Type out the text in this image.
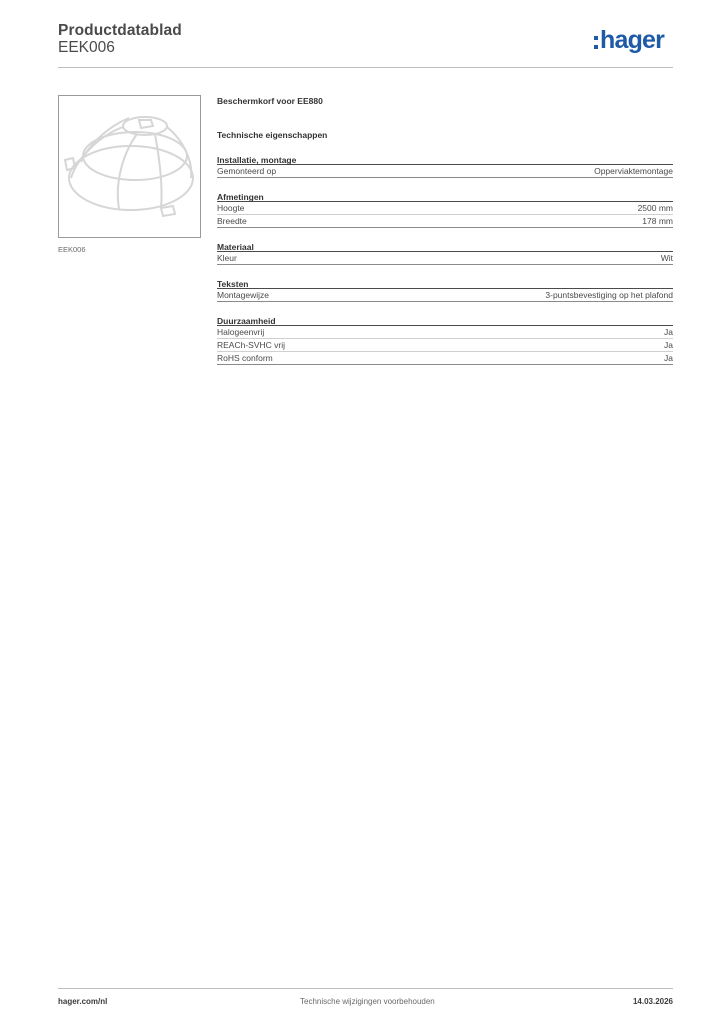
Productdatablad
EEK006	hager
EEK006
Beschermkorf voor EE880
Technische eigenschappen
Installatie, montage
Gemonteerd op	Opperviaktemontage
Afmetingen
Hoogte	2500 mm
Breedte	178 mm
Materiaal
Kleur	Wit
Teksten
Montagewijze	3-puntsbevestiging op het plafond
Duurzaamheid
Halogeenvrij	Ja
REACh-SVHC vrij	Ja
RoHS conform	Ja
hager.com/nl	Technische wijzigingen voorbehouden	14.03.2026
